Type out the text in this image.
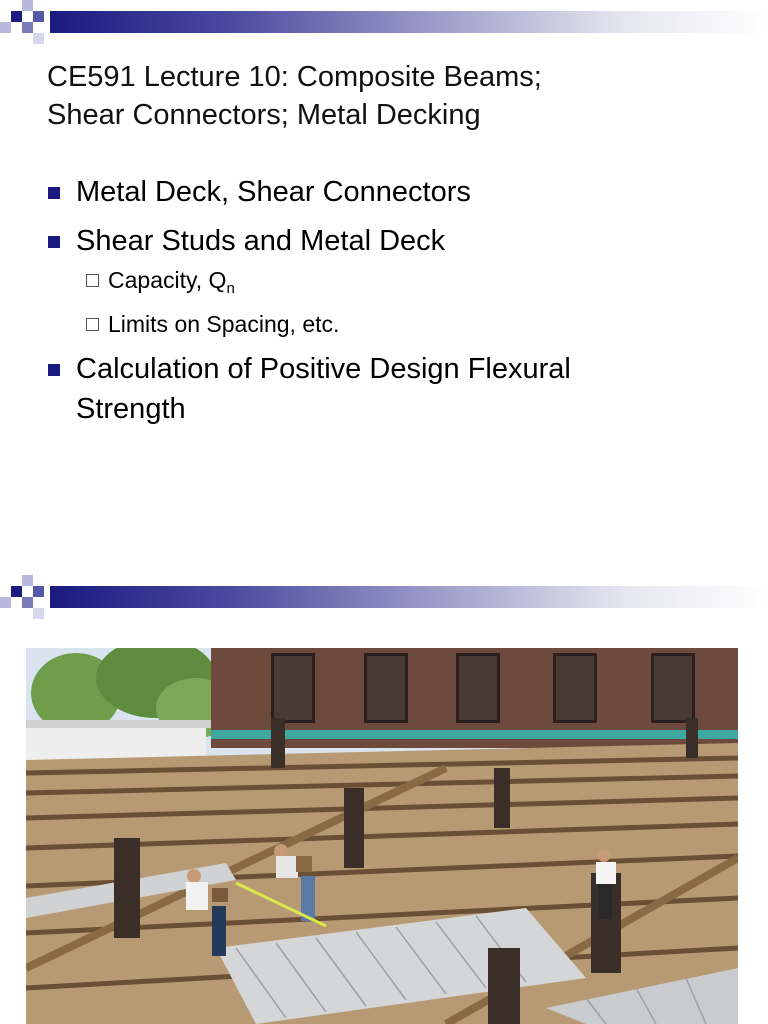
CE591 Lecture 10: Composite Beams;
Shear Connectors; Metal Decking
Metal Deck, Shear Connectors
Shear Studs and Metal Deck
Capacity, $Q_n$
Limits on Spacing, etc.
Calculation of Positive Design Flexural
Strength
